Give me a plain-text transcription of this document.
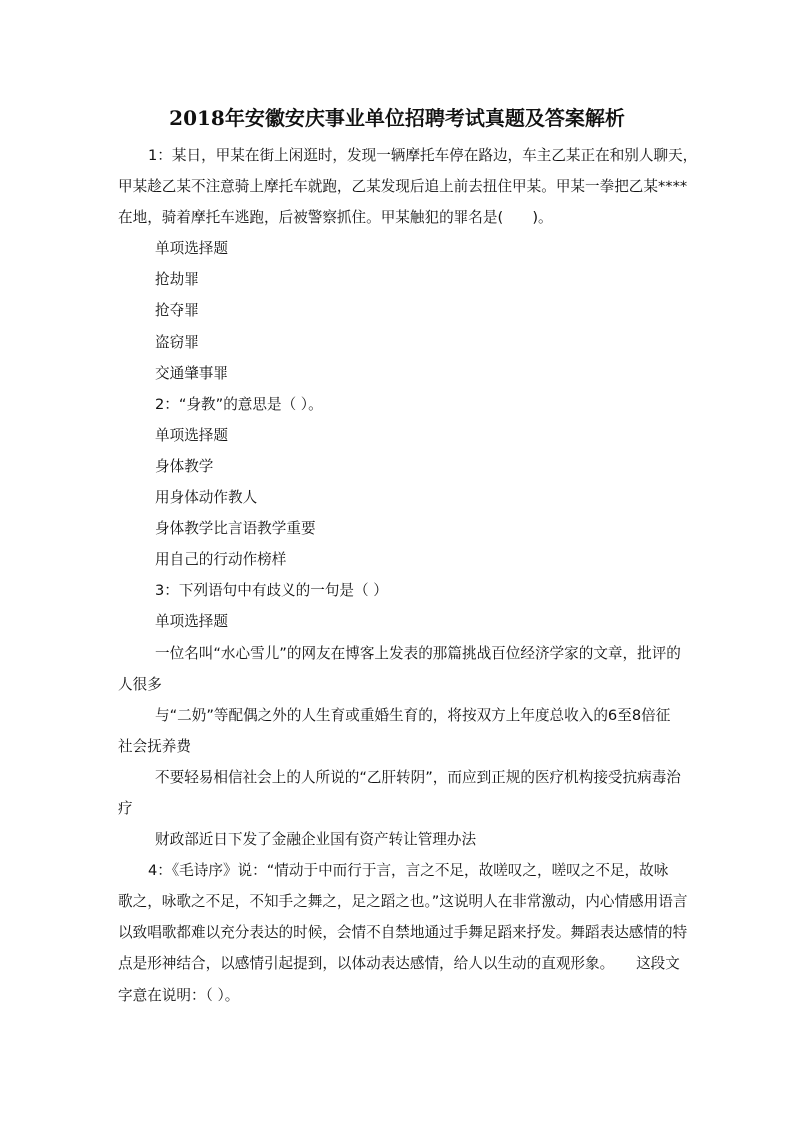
2018年安徽安庆事业单位招聘考试真题及答案解析
1：某日，甲某在街上闲逛时，发现一辆摩托车停在路边，车主乙某正在和别人聊天，
甲某趁乙某不注意骑上摩托车就跑，乙某发现后追上前去扭住甲某。甲某一拳把乙某****
在地，骑着摩托车逃跑，后被警察抓住。甲某触犯的罪名是(　　)。
单项选择题
抢劫罪
抢夺罪
盗窃罪
交通肇事罪
2：“身教”的意思是（ ）。
单项选择题
身体教学
用身体动作教人
身体教学比言语教学重要
用自己的行动作榜样
3：下列语句中有歧义的一句是（ ）
单项选择题
一位名叫“水心雪儿”的网友在博客上发表的那篇挑战百位经济学家的文章，批评的
人很多
与“二奶”等配偶之外的人生育或重婚生育的，将按双方上年度总收入的6至8倍征
社会抚养费
不要轻易相信社会上的人所说的“乙肝转阴”，而应到正规的医疗机构接受抗病毒治
疗
财政部近日下发了金融企业国有资产转让管理办法
4：《毛诗序》说：“情动于中而行于言，言之不足，故嗟叹之，嗟叹之不足，故咏
歌之，咏歌之不足，不知手之舞之，足之蹈之也。”这说明人在非常激动，内心情感用语言
以致唱歌都难以充分表达的时候，会情不自禁地通过手舞足蹈来抒发。舞蹈表达感情的特
点是形神结合，以感情引起提到，以体动表达感情，给人以生动的直观形象。　　这段文
字意在说明：（ ）。
